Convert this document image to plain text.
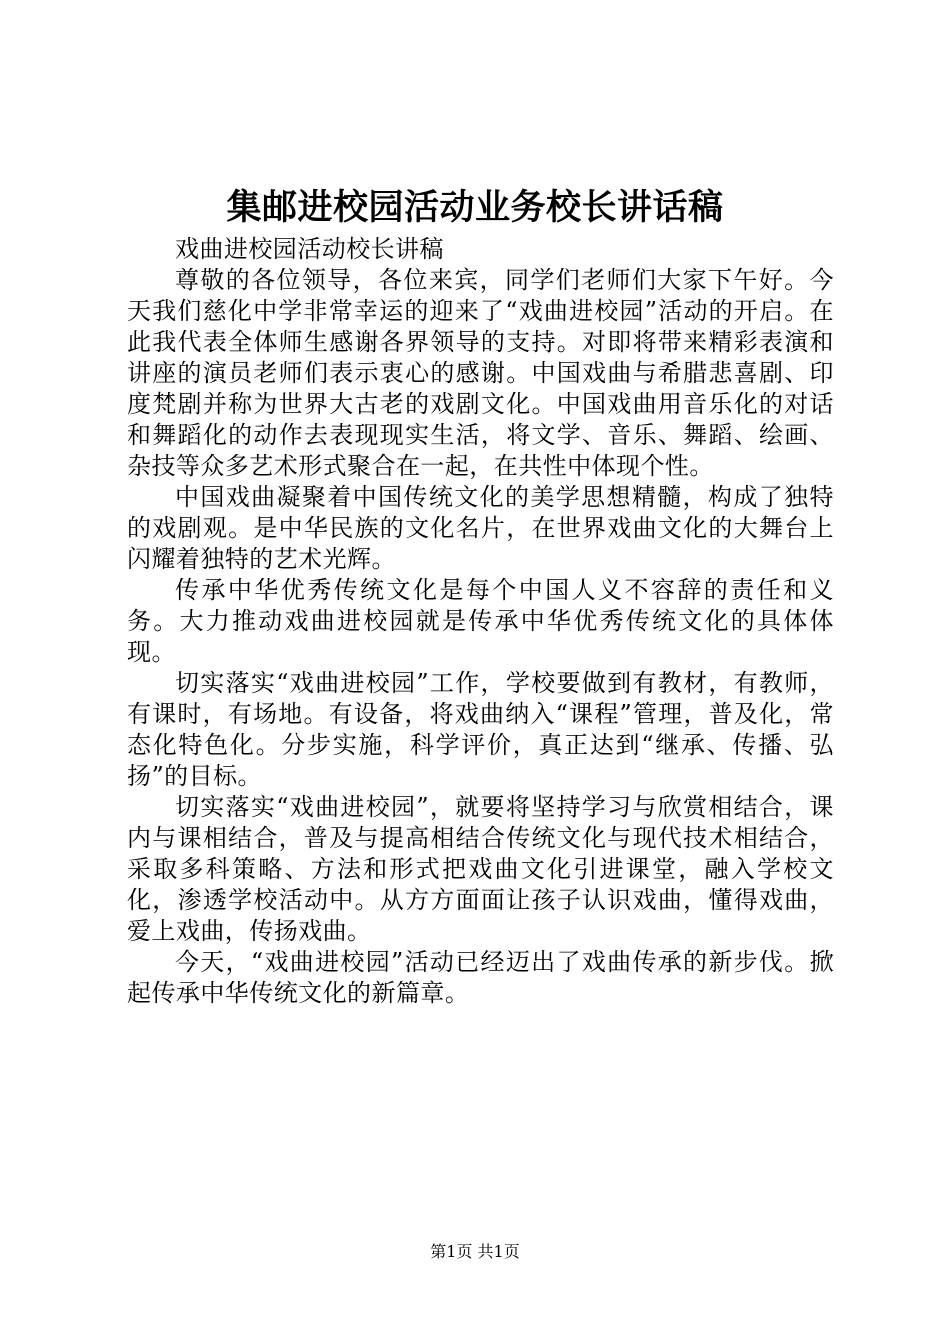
集邮进校园活动业务校长讲话稿

戏曲进校园活动校长讲稿

尊敬的各位领导，各位来宾，同学们老师们大家下午好。今天我们慈化中学非常幸运的迎来了“戏曲进校园”活动的开启。在此我代表全体师生感谢各界领导的支持。对即将带来精彩表演和讲座的演员老师们表示衷心的感谢。中国戏曲与希腊悲喜剧、印度梵剧并称为世界大古老的戏剧文化。中国戏曲用音乐化的对话和舞蹈化的动作去表现现实生活，将文学、音乐、舞蹈、绘画、杂技等众多艺术形式聚合在一起，在共性中体现个性。

中国戏曲凝聚着中国传统文化的美学思想精髓，构成了独特的戏剧观。是中华民族的文化名片，在世界戏曲文化的大舞台上闪耀着独特的艺术光辉。

传承中华优秀传统文化是每个中国人义不容辞的责任和义务。大力推动戏曲进校园就是传承中华优秀传统文化的具体体现。

切实落实“戏曲进校园”工作，学校要做到有教材，有教师，有课时，有场地。有设备，将戏曲纳入“课程”管理，普及化，常态化特色化。分步实施，科学评价，真正达到“继承、传播、弘扬”的目标。

切实落实“戏曲进校园”，就要将坚持学习与欣赏相结合，课内与课相结合，普及与提高相结合传统文化与现代技术相结合，采取多科策略、方法和形式把戏曲文化引进课堂，融入学校文化，渗透学校活动中。从方方面面让孩子认识戏曲，懂得戏曲，爱上戏曲，传扬戏曲。

今天，“戏曲进校园”活动已经迈出了戏曲传承的新步伐。掀起传承中华传统文化的新篇章。

第1页 共1页
